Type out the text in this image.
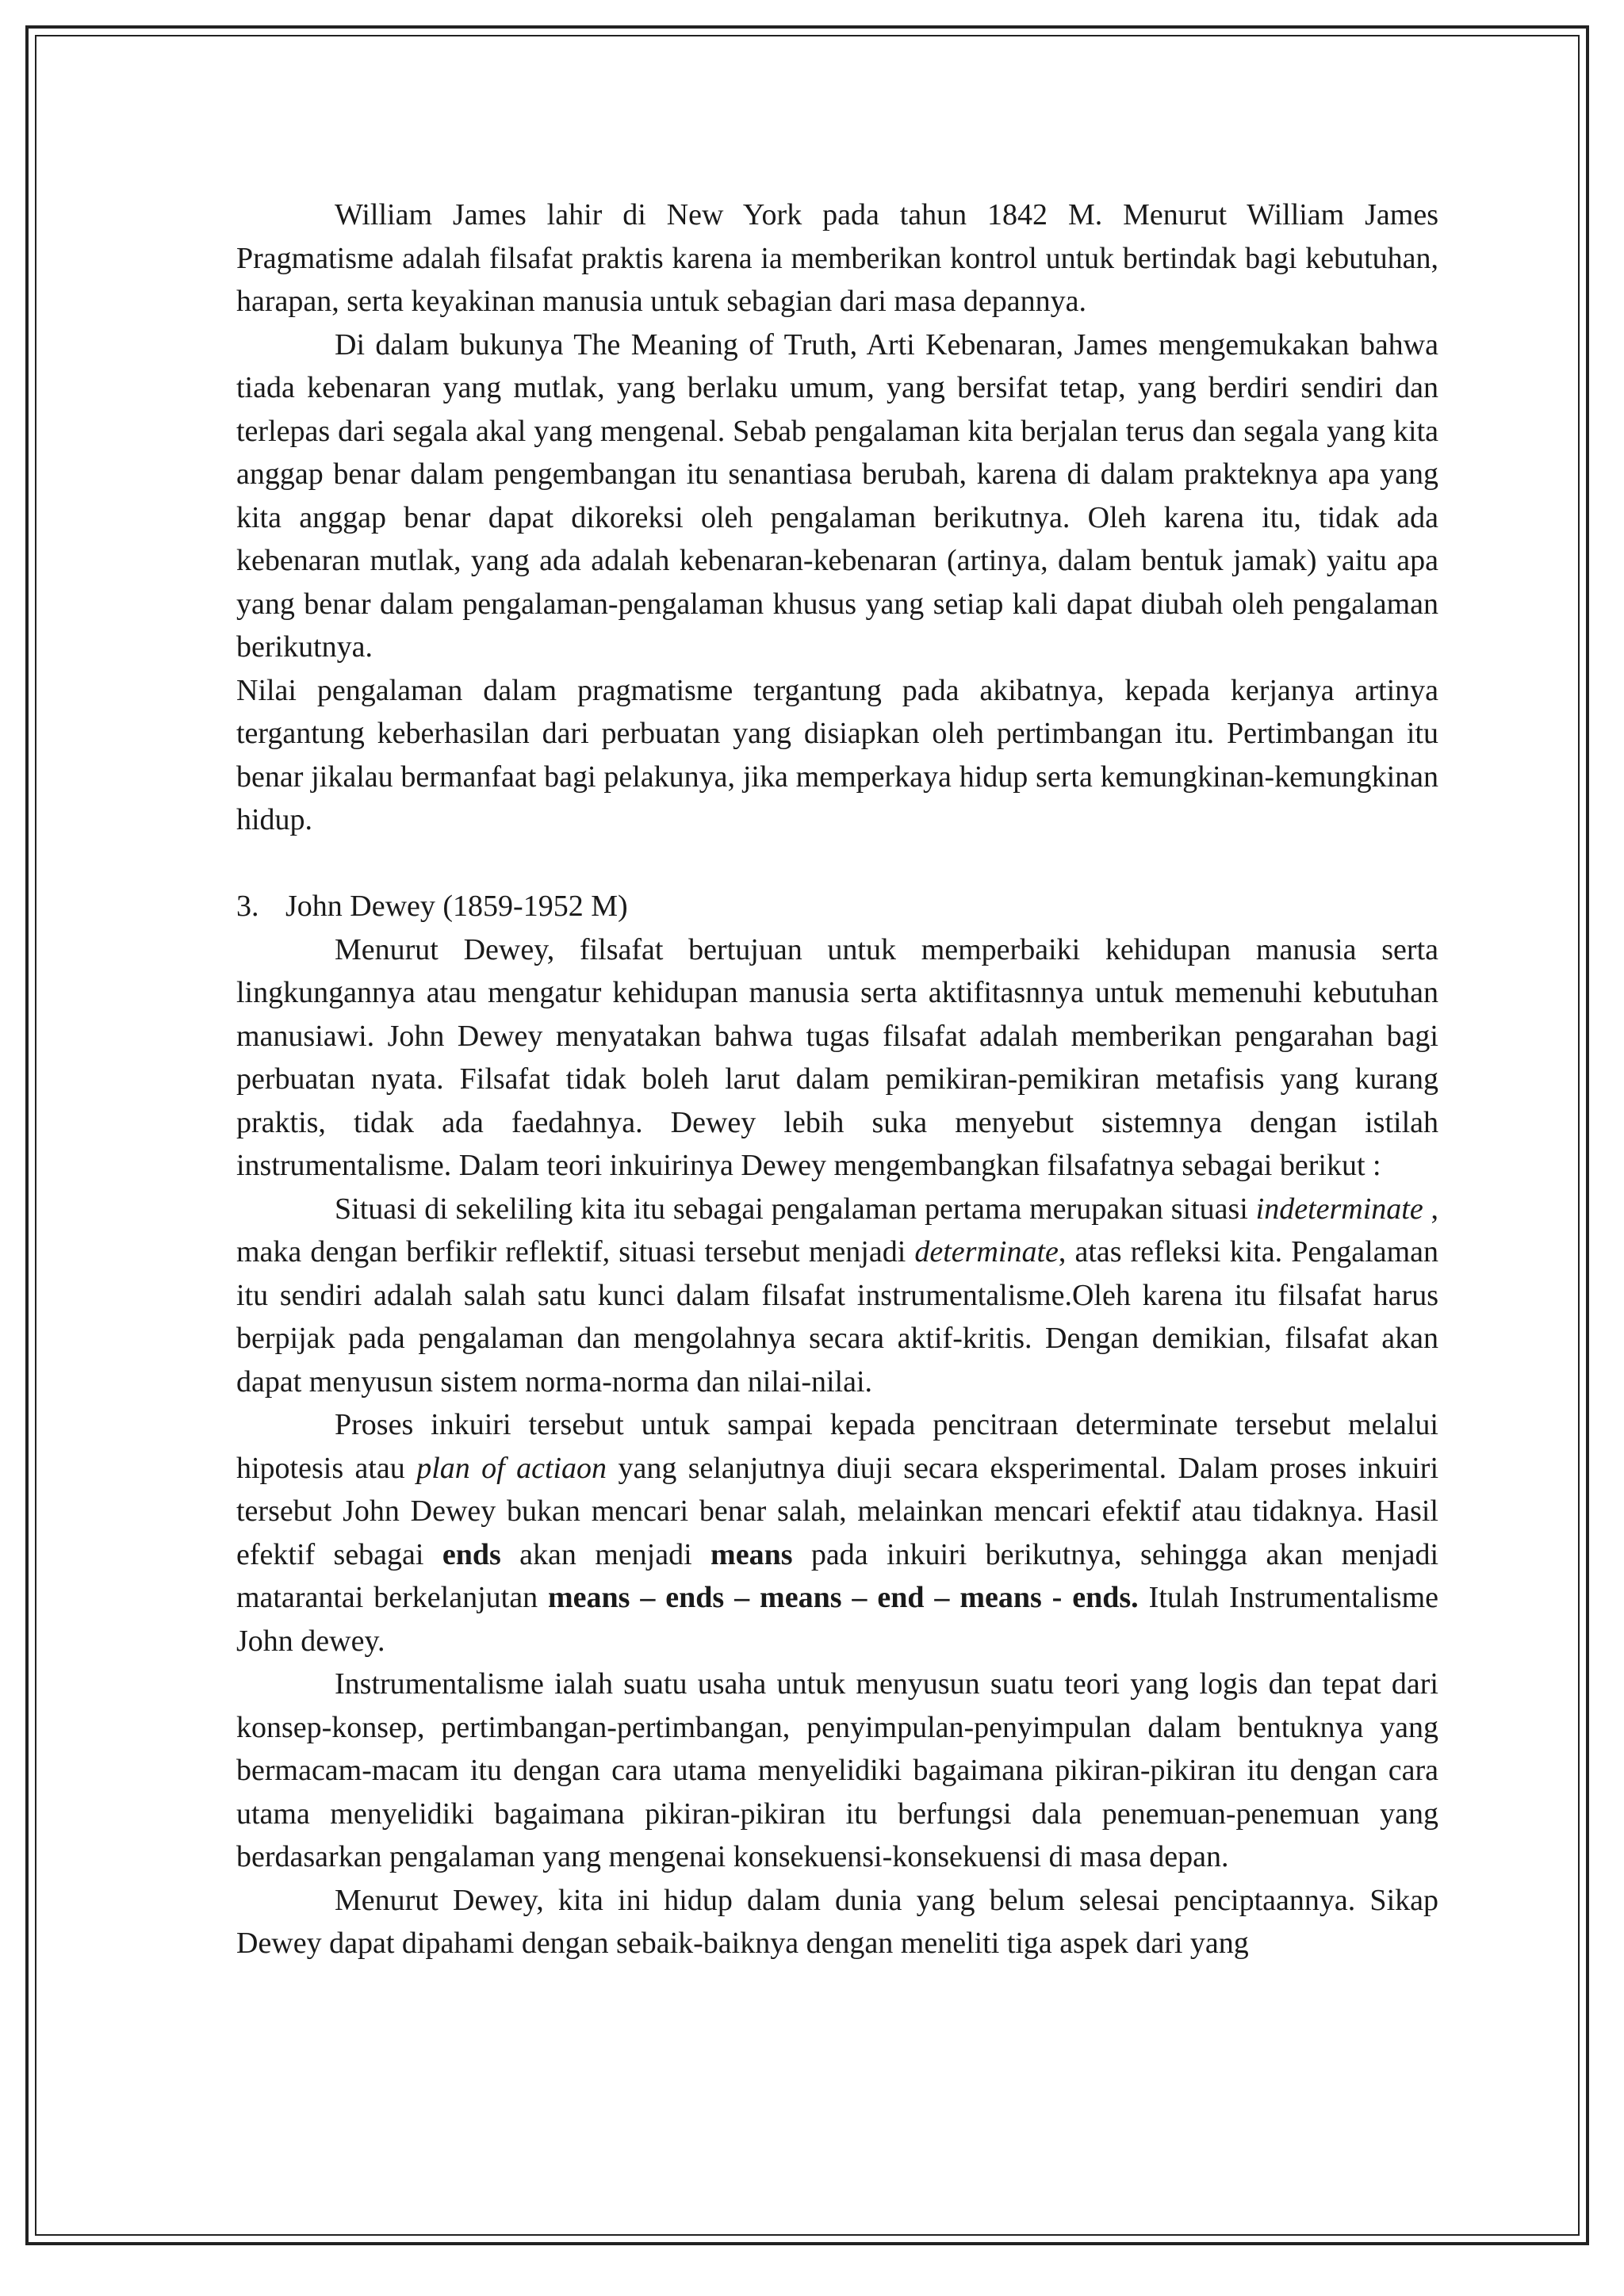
William James lahir di New York pada tahun 1842 M. Menurut William James Pragmatisme adalah filsafat praktis karena ia memberikan kontrol untuk bertindak bagi kebutuhan, harapan, serta keyakinan manusia untuk sebagian dari masa depannya.

Di dalam bukunya The Meaning of Truth, Arti Kebenaran, James mengemukakan bahwa tiada kebenaran yang mutlak, yang berlaku umum, yang bersifat tetap, yang berdiri sendiri dan terlepas dari segala akal yang mengenal. Sebab pengalaman kita berjalan terus dan segala yang kita anggap benar dalam pengembangan itu senantiasa berubah, karena di dalam prakteknya apa yang kita anggap benar dapat dikoreksi oleh pengalaman berikutnya. Oleh karena itu, tidak ada kebenaran mutlak, yang ada adalah kebenaran-kebenaran (artinya, dalam bentuk jamak) yaitu apa yang benar dalam pengalaman-pengalaman khusus yang setiap kali dapat diubah oleh pengalaman berikutnya.

Nilai pengalaman dalam pragmatisme tergantung pada akibatnya, kepada kerjanya artinya tergantung keberhasilan dari perbuatan yang disiapkan oleh pertimbangan itu. Pertimbangan itu benar jikalau bermanfaat bagi pelakunya, jika memperkaya hidup serta kemungkinan-kemungkinan hidup.

3. John Dewey (1859-1952 M)

Menurut Dewey, filsafat bertujuan untuk memperbaiki kehidupan manusia serta lingkungannya atau mengatur kehidupan manusia serta aktifitasnnya untuk memenuhi kebutuhan manusiawi. John Dewey menyatakan bahwa tugas filsafat adalah memberikan pengarahan bagi perbuatan nyata. Filsafat tidak boleh larut dalam pemikiran-pemikiran metafisis yang kurang praktis, tidak ada faedahnya. Dewey lebih suka menyebut sistemnya dengan istilah instrumentalisme. Dalam teori inkuirinya Dewey mengembangkan filsafatnya sebagai berikut :

Situasi di sekeliling kita itu sebagai pengalaman pertama merupakan situasi indeterminate , maka dengan berfikir reflektif, situasi tersebut menjadi determinate, atas refleksi kita. Pengalaman itu sendiri adalah salah satu kunci dalam filsafat instrumentalisme.Oleh karena itu filsafat harus berpijak pada pengalaman dan mengolahnya secara aktif-kritis. Dengan demikian, filsafat akan dapat menyusun sistem norma-norma dan nilai-nilai.

Proses inkuiri tersebut untuk sampai kepada pencitraan determinate tersebut melalui hipotesis atau plan of actiaon yang selanjutnya diuji secara eksperimental. Dalam proses inkuiri tersebut John Dewey bukan mencari benar salah, melainkan mencari efektif atau tidaknya. Hasil efektif sebagai ends akan menjadi means pada inkuiri berikutnya, sehingga akan menjadi matarantai berkelanjutan means – ends – means – end – means - ends. Itulah Instrumentalisme John dewey.

Instrumentalisme ialah suatu usaha untuk menyusun suatu teori yang logis dan tepat dari konsep-konsep, pertimbangan-pertimbangan, penyimpulan-penyimpulan dalam bentuknya yang bermacam-macam itu dengan cara utama menyelidiki bagaimana pikiran-pikiran itu dengan cara utama menyelidiki bagaimana pikiran-pikiran itu berfungsi dala penemuan-penemuan yang berdasarkan pengalaman yang mengenai konsekuensi-konsekuensi di masa depan.

Menurut Dewey, kita ini hidup dalam dunia yang belum selesai penciptaannya. Sikap Dewey dapat dipahami dengan sebaik-baiknya dengan meneliti tiga aspek dari yang
